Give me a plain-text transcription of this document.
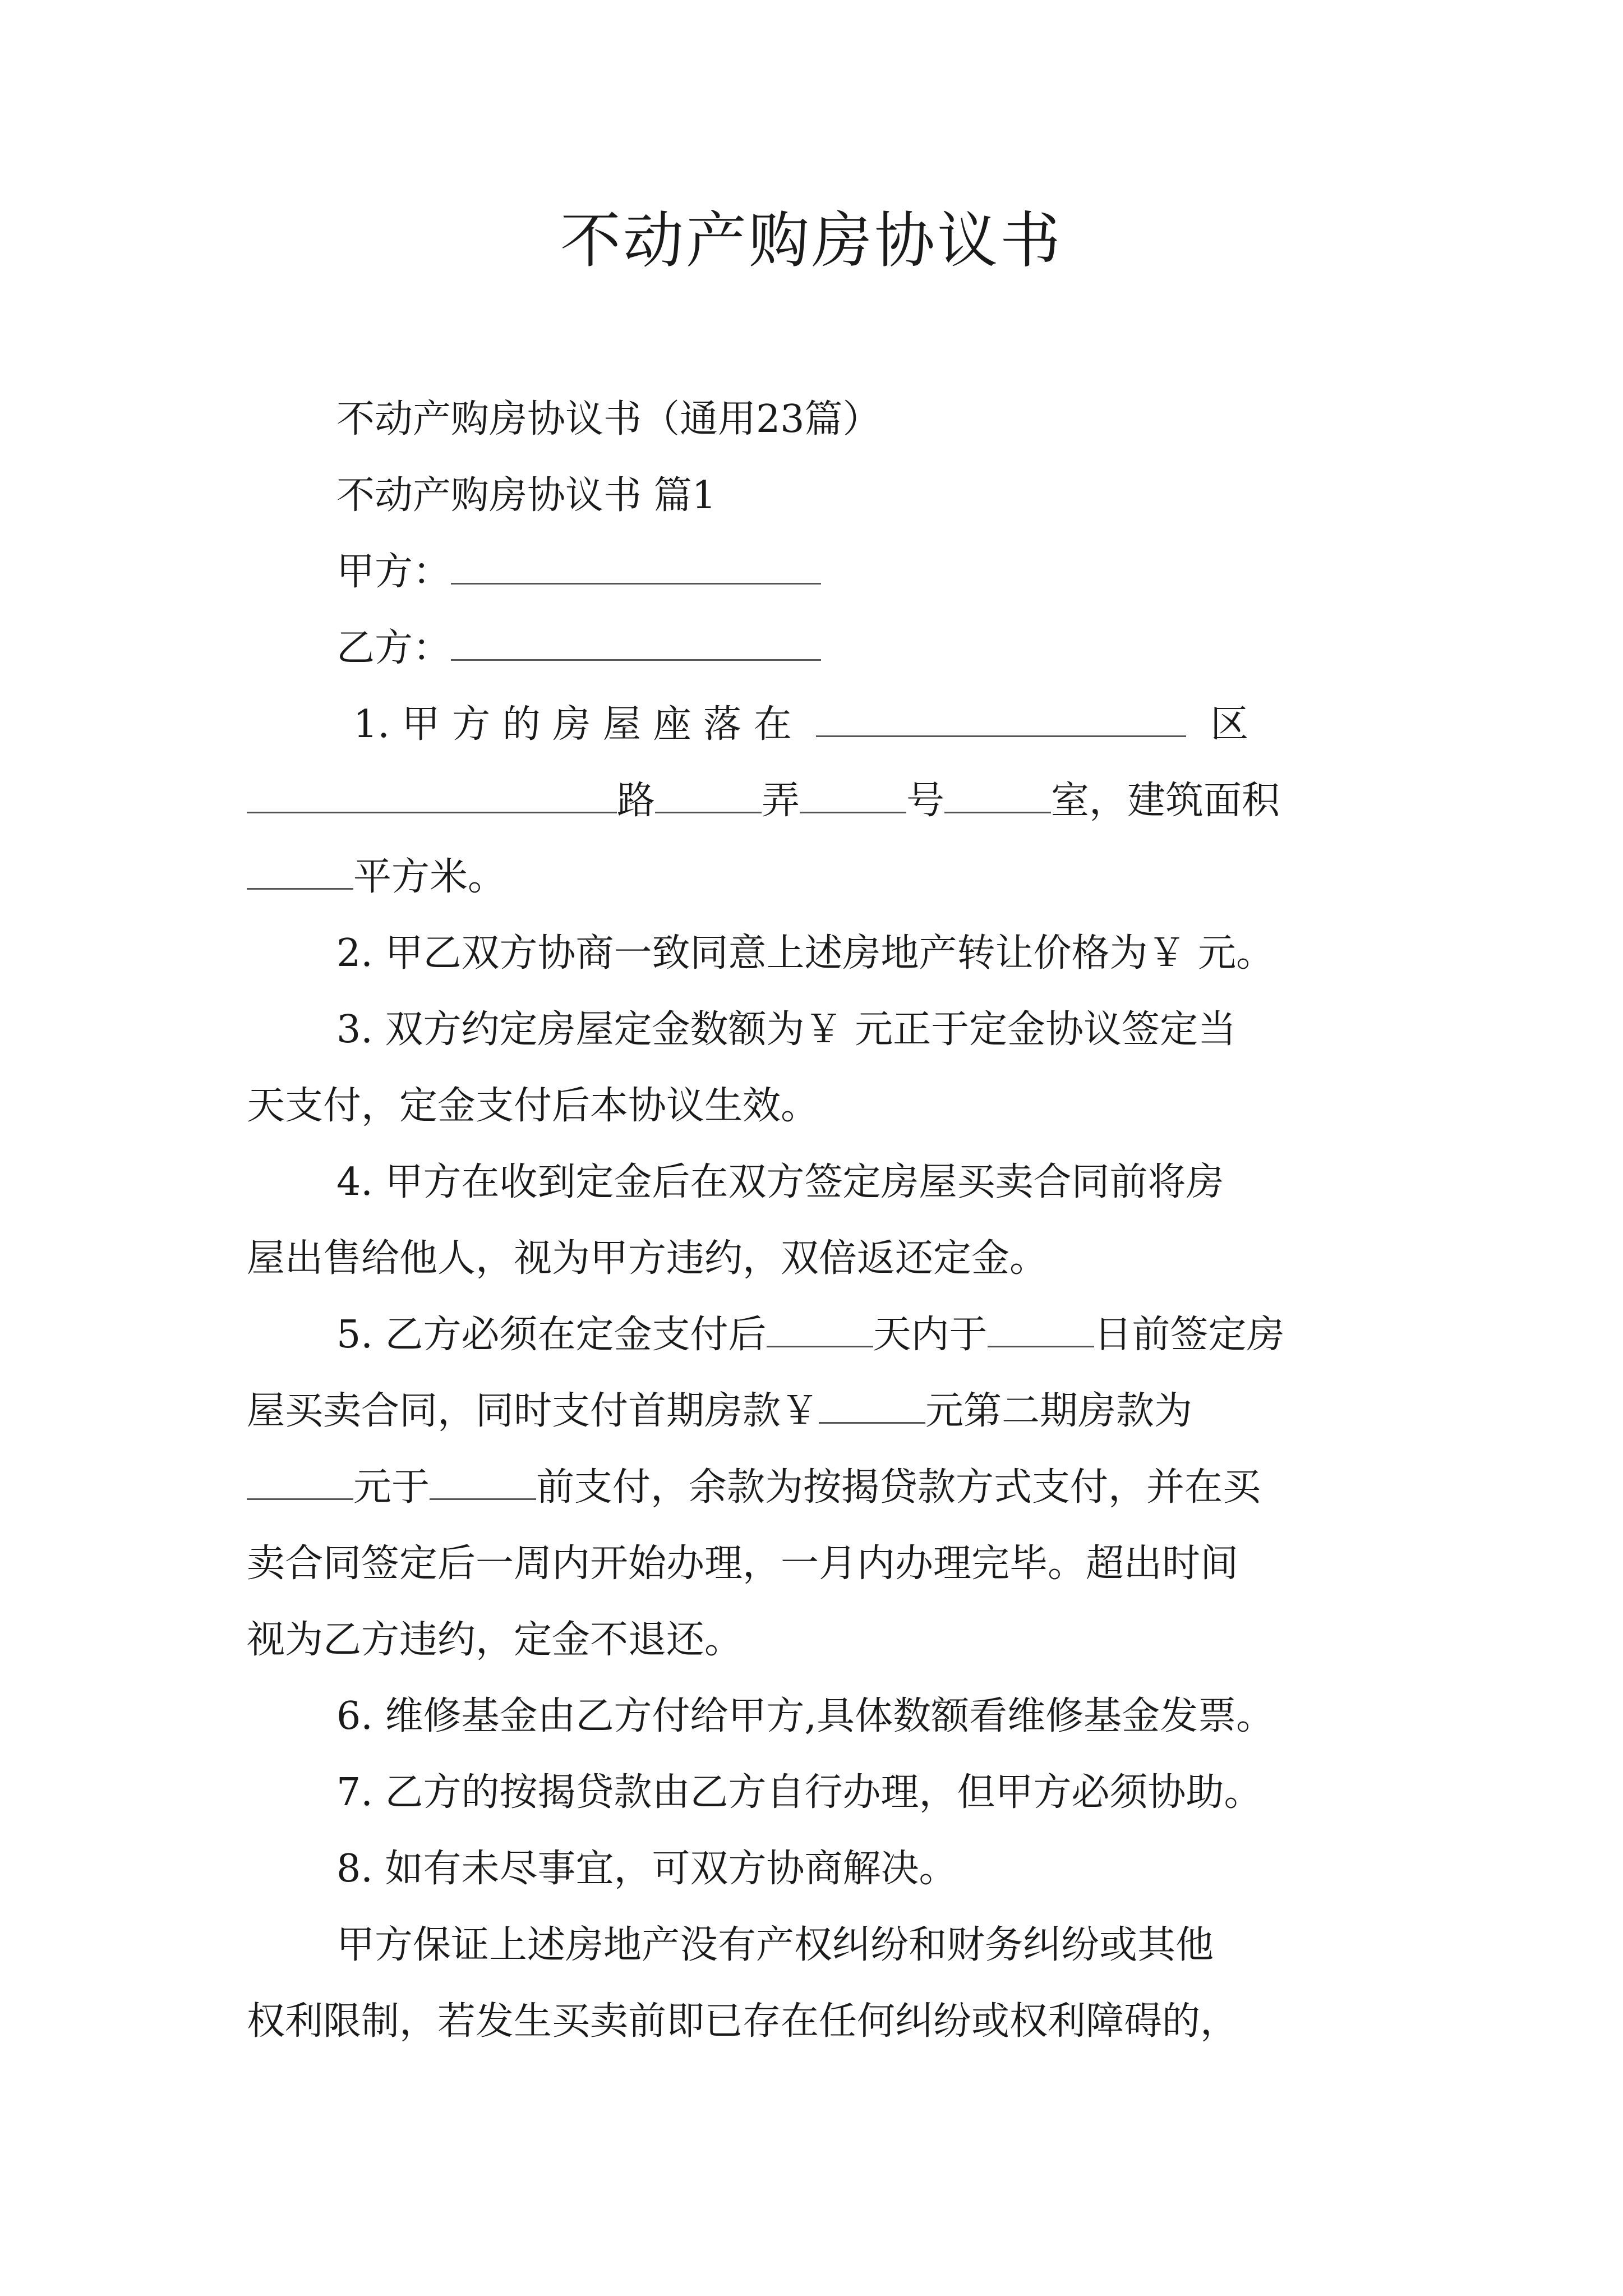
不动产购房协议书
不动产购房协议书（通用23篇）
不动产购房协议书 篇1
甲方：
乙方：
1. 甲 方 的 房 屋 座 落 在	区
路	弄	号	室，建筑面积
平方米。
2. 甲乙双方协商一致同意上述房地产转让价格为￥ 元。
3. 双方约定房屋定金数额为￥ 元正于定金协议签定当
天支付，定金支付后本协议生效。
4. 甲方在收到定金后在双方签定房屋买卖合同前将房
屋出售给他人，视为甲方违约，双倍返还定金。
5. 乙方必须在定金支付后	天内于	日前签定房
屋买卖合同，同时支付首期房款￥	元第二期房款为
元于	前支付，余款为按揭贷款方式支付，并在买
卖合同签定后一周内开始办理，一月内办理完毕。超出时间
视为乙方违约，定金不退还。
6. 维修基金由乙方付给甲方,具体数额看维修基金发票。
7. 乙方的按揭贷款由乙方自行办理，但甲方必须协助。
8. 如有未尽事宜，可双方协商解决。
甲方保证上述房地产没有产权纠纷和财务纠纷或其他
权利限制，若发生买卖前即已存在任何纠纷或权利障碍的，
